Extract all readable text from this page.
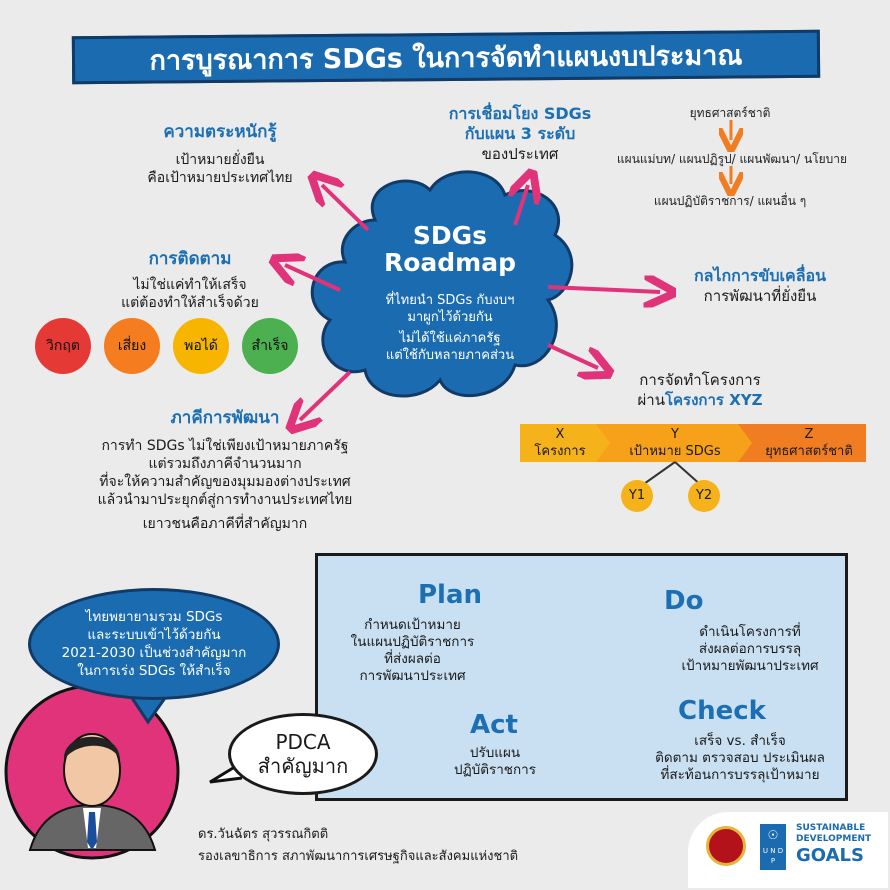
การบูรณาการ SDGs ในการจัดทำแผนงบประมาณ
SDGs
Roadmap
ที่ไทยนำ SDGs กับงบฯ
มาผูกไว้ด้วยกัน
ไม่ได้ใช้แค่ภาครัฐ
แต่ใช้กับหลายภาคส่วน
ความตระหนักรู้
เป้าหมายยั่งยืน
คือเป้าหมายประเทศไทย
การเชื่อมโยง SDGs
กับแผน 3 ระดับ
ของประเทศ
ยุทธศาสตร์ชาติ
แผนแม่บท/ แผนปฏิรูป/ แผนพัฒนา/ นโยบาย
แผนปฏิบัติราชการ/ แผนอื่น ๆ
การติดตาม
ไม่ใช่แค่ทำให้เสร็จ
แต่ต้องทำให้สำเร็จด้วย
วิกฤต	เสี่ยง	พอได้	สำเร็จ
กลไกการขับเคลื่อน
การพัฒนาที่ยั่งยืน
การจัดทำโครงการ
ผ่านโครงการ XYZ
X
โครงการ
Y
เป้าหมาย SDGs
Z
ยุทธศาสตร์ชาติ
Y1	Y2
ภาคีการพัฒนา
การทำ SDGs ไม่ใช่เพียงเป้าหมายภาครัฐ
แต่รวมถึงภาคีจำนวนมาก
ที่จะให้ความสำคัญของมุมมองต่างประเทศ
แล้วนำมาประยุกต์สู่การทำงานประเทศไทย
เยาวชนคือภาคีที่สำคัญมาก
Plan
กำหนดเป้าหมาย
ในแผนปฏิบัติราชการ
ที่ส่งผลต่อ
การพัฒนาประเทศ
Do
ดำเนินโครงการที่
ส่งผลต่อการบรรลุ
เป้าหมายพัฒนาประเทศ
Act
ปรับแผน
ปฏิบัติราชการ
Check
เสร็จ vs. สำเร็จ
ติดตาม ตรวจสอบ ประเมินผล
ที่สะท้อนการบรรลุเป้าหมาย
ไทยพยายามรวม SDGs
และระบบเข้าไว้ด้วยกัน
2021-2030 เป็นช่วงสำคัญมาก
ในการเร่ง SDGs ให้สำเร็จ
PDCA
สำคัญมาก
ดร.วันฉัตร สุวรรณกิตติ
รองเลขาธิการ สภาพัฒนาการเศรษฐกิจและสังคมแห่งชาติ
☉
U N D P
SUSTAINABLE
DEVELOPMENT
GOALS
